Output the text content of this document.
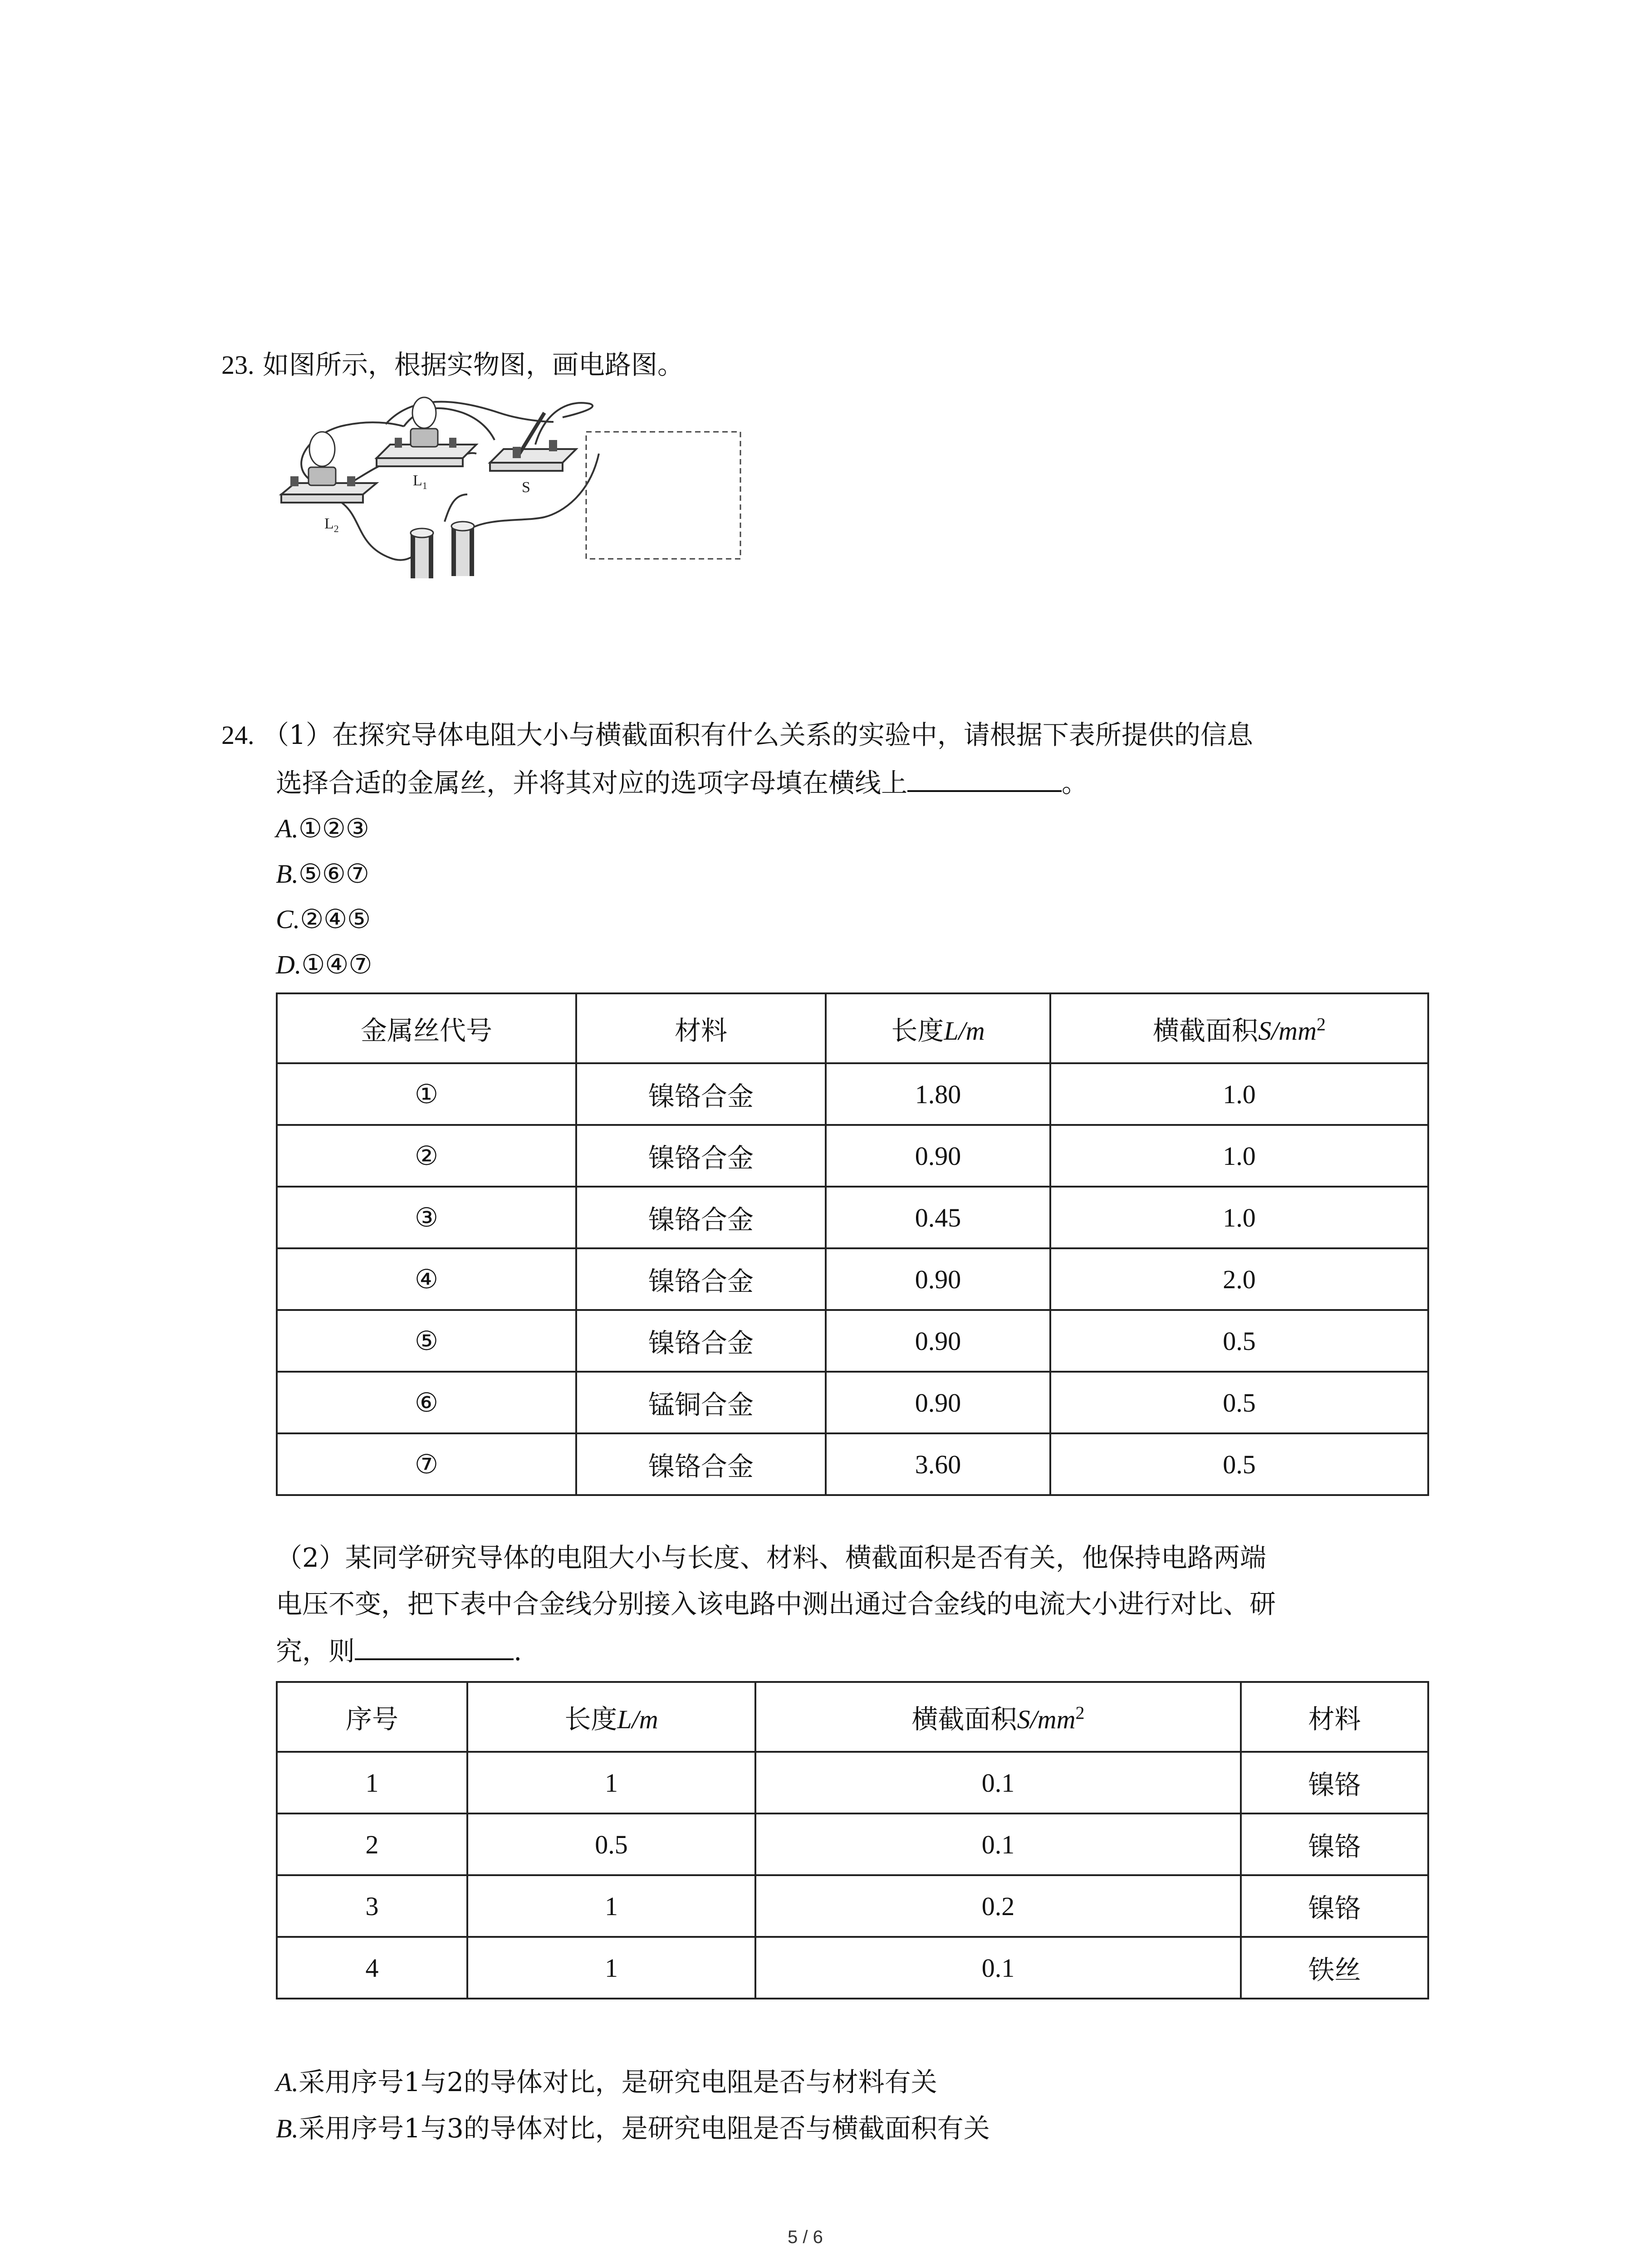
23. 如图所示，根据实物图，画电路图。
$L_2$
$L_1$	S
24. （1）在探究导体电阻大小与横截面积有什么关系的实验中，请根据下表所提供的信息
选择合适的金属丝，并将其对应的选项字母填在横线上	。
A.①②③
B.⑤⑥⑦
C.②④⑤
D.①④⑦
金属丝代号	材料	长度L/m	横截面积$S/mm^2$
①	镍铬合金	1.80	1.0
②	镍铬合金	0.90	1.0
③	镍铬合金	0.45	1.0
④	镍铬合金	0.90	2.0
⑤	镍铬合金	0.90	0.5
⑥	锰铜合金	0.90	0.5
⑦	镍铬合金	3.60	0.5
（2）某同学研究导体的电阻大小与长度、材料、横截面积是否有关，他保持电路两端
电压不变，把下表中合金线分别接入该电路中测出通过合金线的电流大小进行对比、研
究，则	.
序号	长度L/m	横截面积$S/mm^2$	材料
1	1	0.1	镍铬
2	0.5	0.1	镍铬
3	1	0.2	镍铬
4	1	0.1	铁丝
A.采用序号1与2的导体对比，是研究电阻是否与材料有关
B.采用序号1与3的导体对比，是研究电阻是否与横截面积有关
5 / 6
